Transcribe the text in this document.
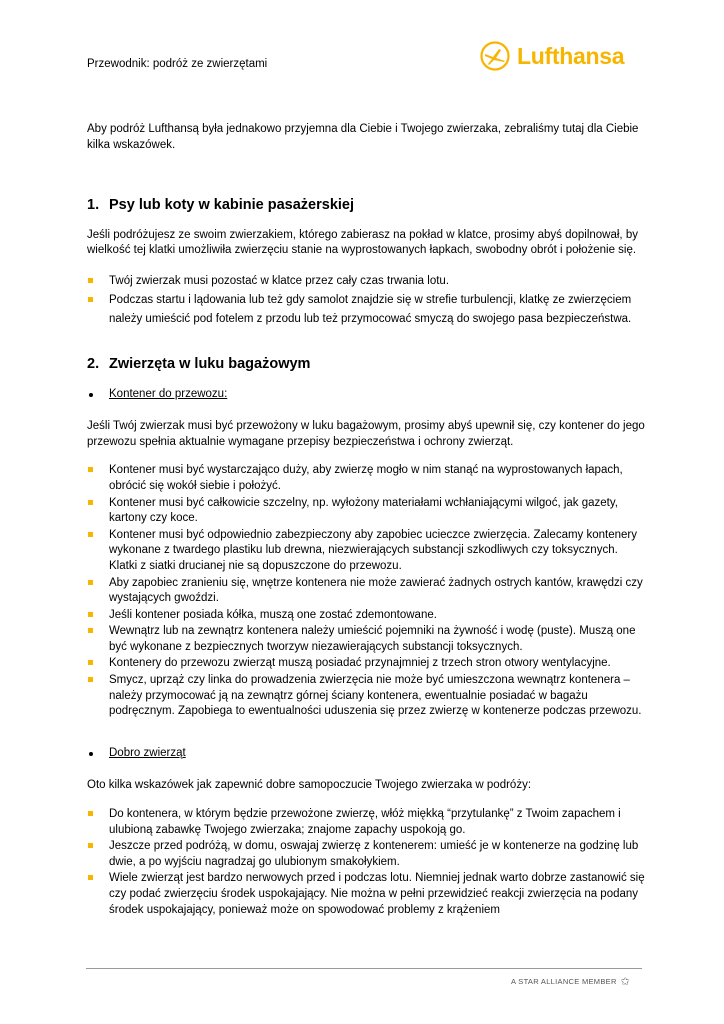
Przewodnik: podróż ze zwierzętami	Lufthansa

Aby podróż Lufthansą była jednakowo przyjemna dla Ciebie i Twojego zwierzaka, zebraliśmy tutaj dla Ciebie kilka wskazówek.

1. Psy lub koty w kabinie pasażerskiej

Jeśli podróżujesz ze swoim zwierzakiem, którego zabierasz na pokład w klatce, prosimy abyś dopilnował, by wielkość tej klatki umożliwiła zwierzęciu stanie na wyprostowanych łapkach, swobodny obrót i położenie się.

Twój zwierzak musi pozostać w klatce przez cały czas trwania lotu.
Podczas startu i lądowania lub też gdy samolot znajdzie się w strefie turbulencji, klatkę ze zwierzęciem należy umieścić pod fotelem z przodu lub też przymocować smyczą do swojego pasa bezpieczeństwa.
2. Zwierzęta w luku bagażowym
Kontener do przewozu:

Jeśli Twój zwierzak musi być przewożony w luku bagażowym, prosimy abyś upewnił się, czy kontener do jego przewozu spełnia aktualnie wymagane przepisy bezpieczeństwa i ochrony zwierząt.

Kontener musi być wystarczająco duży, aby zwierzę mogło w nim stanąć na wyprostowanych łapach, obrócić się wokół siebie i położyć.
Kontener musi być całkowicie szczelny, np. wyłożony materiałami wchłaniającymi wilgoć, jak gazety, kartony czy koce.
Kontener musi być odpowiednio zabezpieczony aby zapobiec ucieczce zwierzęcia. Zalecamy kontenery wykonane z twardego plastiku lub drewna, niezwierających substancji szkodliwych czy toksycznych. Klatki z siatki drucianej nie są dopuszczone do przewozu.
Aby zapobiec zranieniu się, wnętrze kontenera nie może zawierać żadnych ostrych kantów, krawędzi czy wystających gwoździ.
Jeśli kontener posiada kółka, muszą one zostać zdemontowane.
Wewnątrz lub na zewnątrz kontenera należy umieścić pojemniki na żywność i wodę (puste). Muszą one być wykonane z bezpiecznych tworzyw niezawierających substancji toksycznych.
Kontenery do przewozu zwierząt muszą posiadać przynajmniej z trzech stron otwory wentylacyjne.
Smycz, uprząż czy linka do prowadzenia zwierzęcia nie może być umieszczona wewnątrz kontenera – należy przymocować ją na zewnątrz górnej ściany kontenera, ewentualnie posiadać w bagażu podręcznym. Zapobiega to ewentualności uduszenia się przez zwierzę w kontenerze podczas przewozu.
Dobro zwierząt

Oto kilka wskazówek jak zapewnić dobre samopoczucie Twojego zwierzaka w podróży:

Do kontenera, w którym będzie przewożone zwierzę, włóż miękką “przytulankę” z Twoim zapachem i ulubioną zabawkę Twojego zwierzaka; znajome zapachy uspokoją go.
Jeszcze przed podróżą, w domu, oswajaj zwierzę z kontenerem: umieść je w kontenerze na godzinę lub dwie, a po wyjściu nagradzaj go ulubionym smakołykiem.
Wiele zwierząt jest bardzo nerwowych przed i podczas lotu. Niemniej jednak warto dobrze zastanowić się czy podać zwierzęciu środek uspokajający. Nie można w pełni przewidzieć reakcji zwierzęcia na podany środek uspokajający, ponieważ może on spowodować problemy z krążeniem
A STAR ALLIANCE MEMBER ✩
